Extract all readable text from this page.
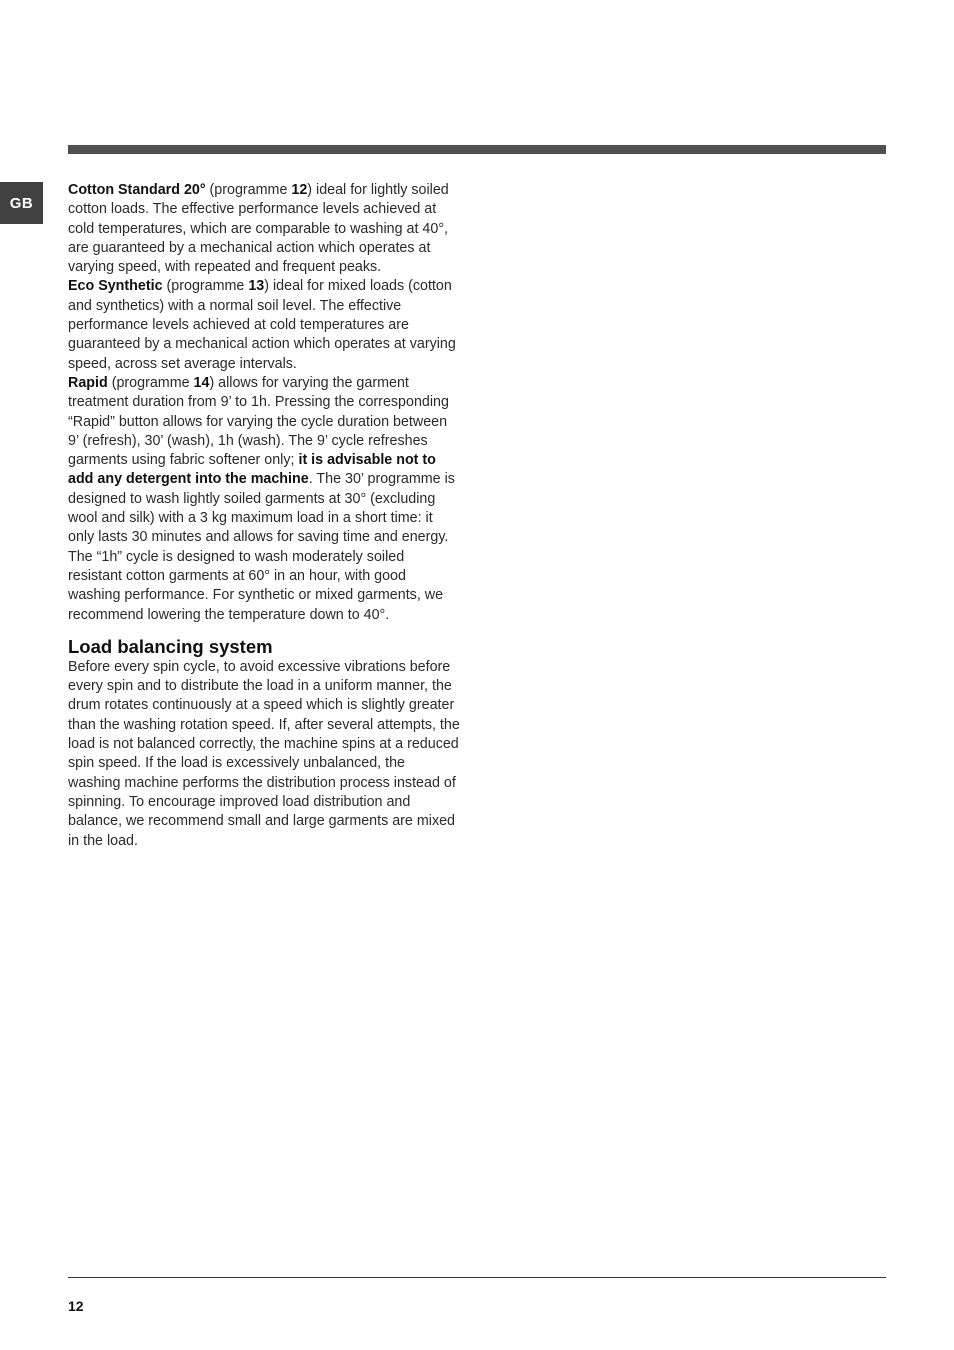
GB

Cotton Standard 20° (programme 12) ideal for lightly soiled cotton loads. The effective performance levels achieved at cold temperatures, which are comparable to washing at 40°, are guaranteed by a mechanical action which operates at varying speed, with repeated and frequent peaks.

Eco Synthetic (programme 13) ideal for mixed loads (cotton and synthetics) with a normal soil level. The effective performance levels achieved at cold temperatures are guaranteed by a mechanical action which operates at varying speed, across set average intervals.

Rapid (programme 14) allows for varying the garment treatment duration from 9’ to 1h. Pressing the corresponding “Rapid” button allows for varying the cycle duration between 9’ (refresh), 30’ (wash), 1h (wash). The 9’ cycle refreshes garments using fabric softener only; it is advisable not to add any detergent into the machine. The 30’ programme is designed to wash lightly soiled garments at 30° (excluding wool and silk) with a 3 kg maximum load in a short time: it only lasts 30 minutes and allows for saving time and energy. The “1h” cycle is designed to wash moderately soiled resistant cotton garments at 60° in an hour, with good washing performance. For synthetic or mixed garments, we recommend lowering the temperature down to 40°.

Load balancing system

Before every spin cycle, to avoid excessive vibrations before every spin and to distribute the load in a uniform manner, the drum rotates continuously at a speed which is slightly greater than the washing rotation speed. If, after several attempts, the load is not balanced correctly, the machine spins at a reduced spin speed. If the load is excessively unbalanced, the washing machine performs the distribution process instead of spinning. To encourage improved load distribution and balance, we recommend small and large garments are mixed in the load.

12
